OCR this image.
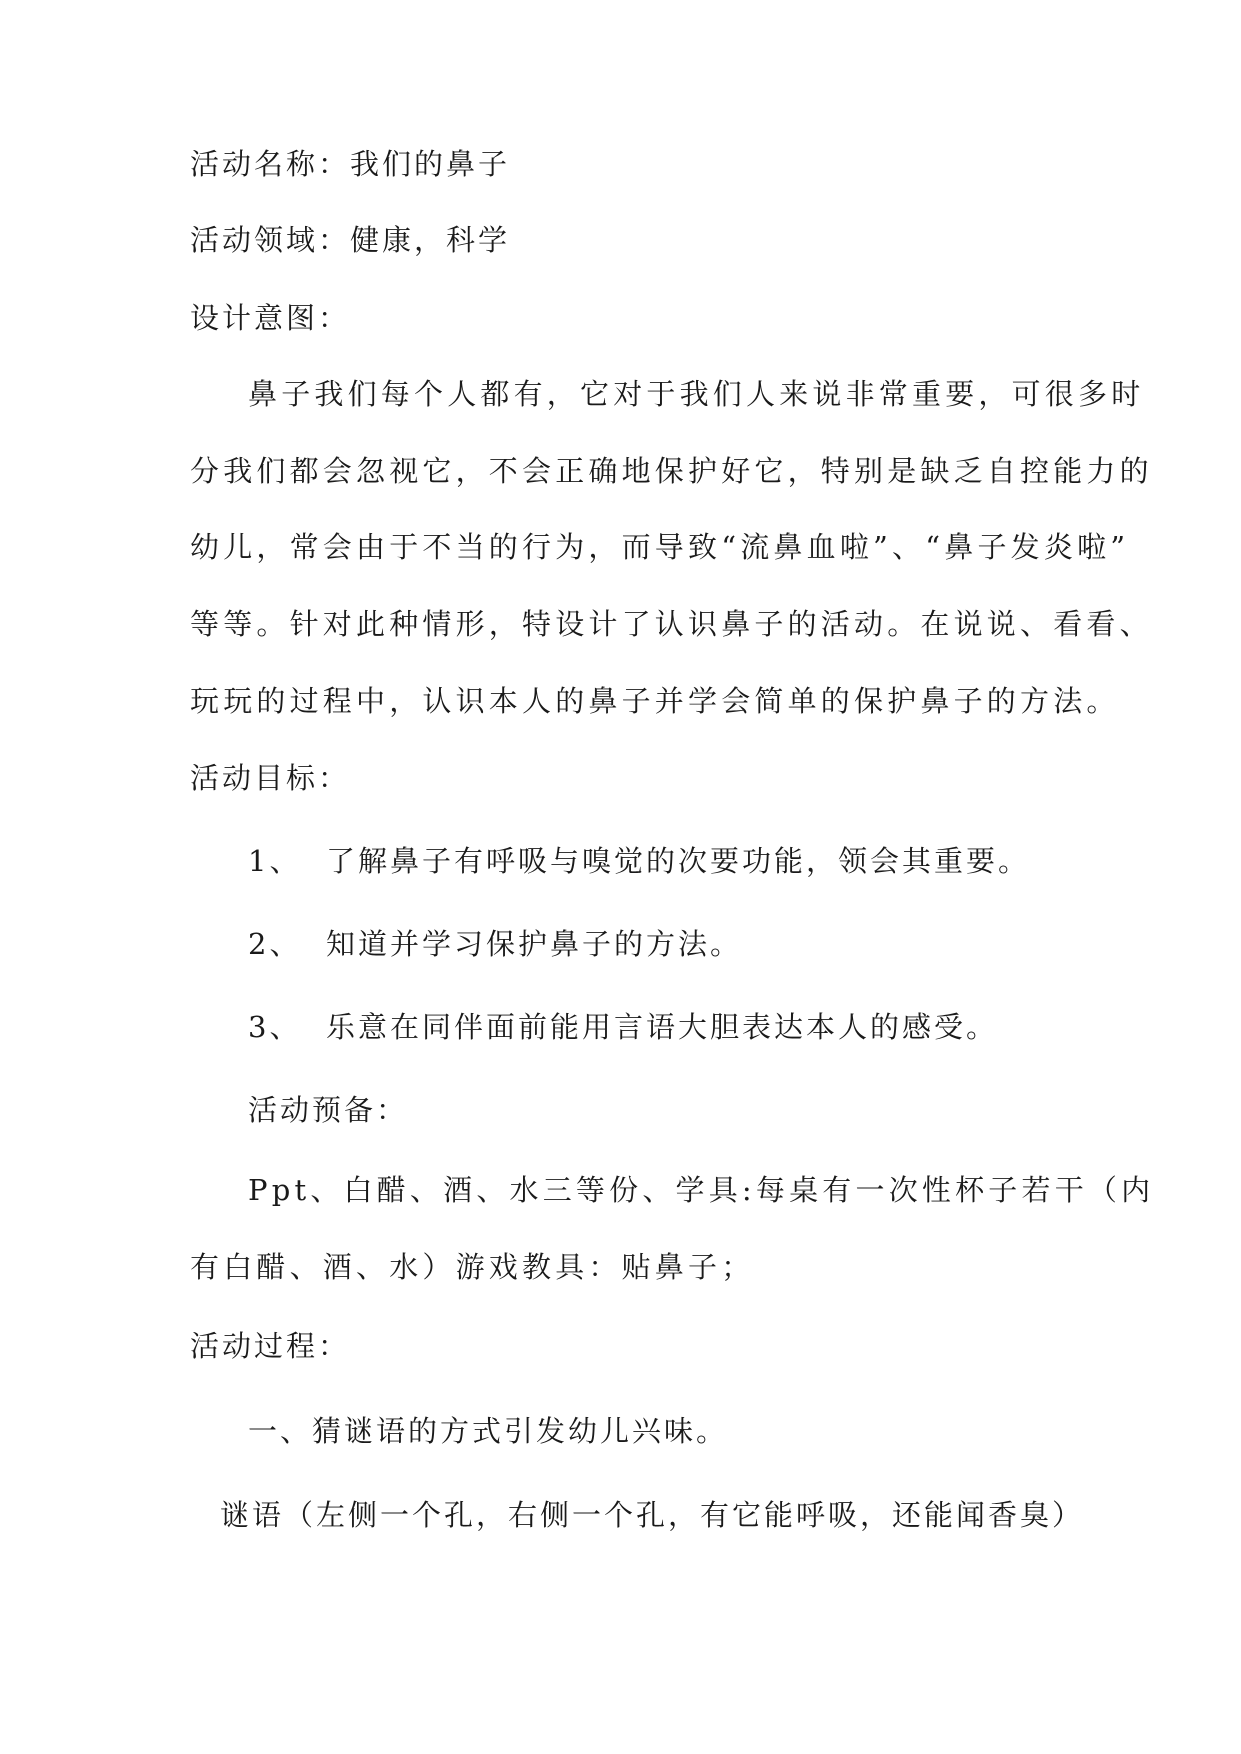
活动名称：我们的鼻子
活动领域：健康，科学
设计意图：
鼻子我们每个人都有，它对于我们人来说非常重要，可很多时
分我们都会忽视它，不会正确地保护好它，特别是缺乏自控能力的
幼儿，常会由于不当的行为，而导致“流鼻血啦”、“鼻子发炎啦”
等等。针对此种情形，特设计了认识鼻子的活动。在说说、看看、
玩玩的过程中，认识本人的鼻子并学会简单的保护鼻子的方法。
活动目标：
1、 了解鼻子有呼吸与嗅觉的次要功能，领会其重要。
2、 知道并学习保护鼻子的方法。
3、 乐意在同伴面前能用言语大胆表达本人的感受。
活动预备：
Ppt、白醋、酒、水三等份、学具:每桌有一次性杯子若干（内
有白醋、酒、水）游戏教具：贴鼻子；
活动过程：
一、猜谜语的方式引发幼儿兴味。
谜语（左侧一个孔，右侧一个孔，有它能呼吸，还能闻香臭）
